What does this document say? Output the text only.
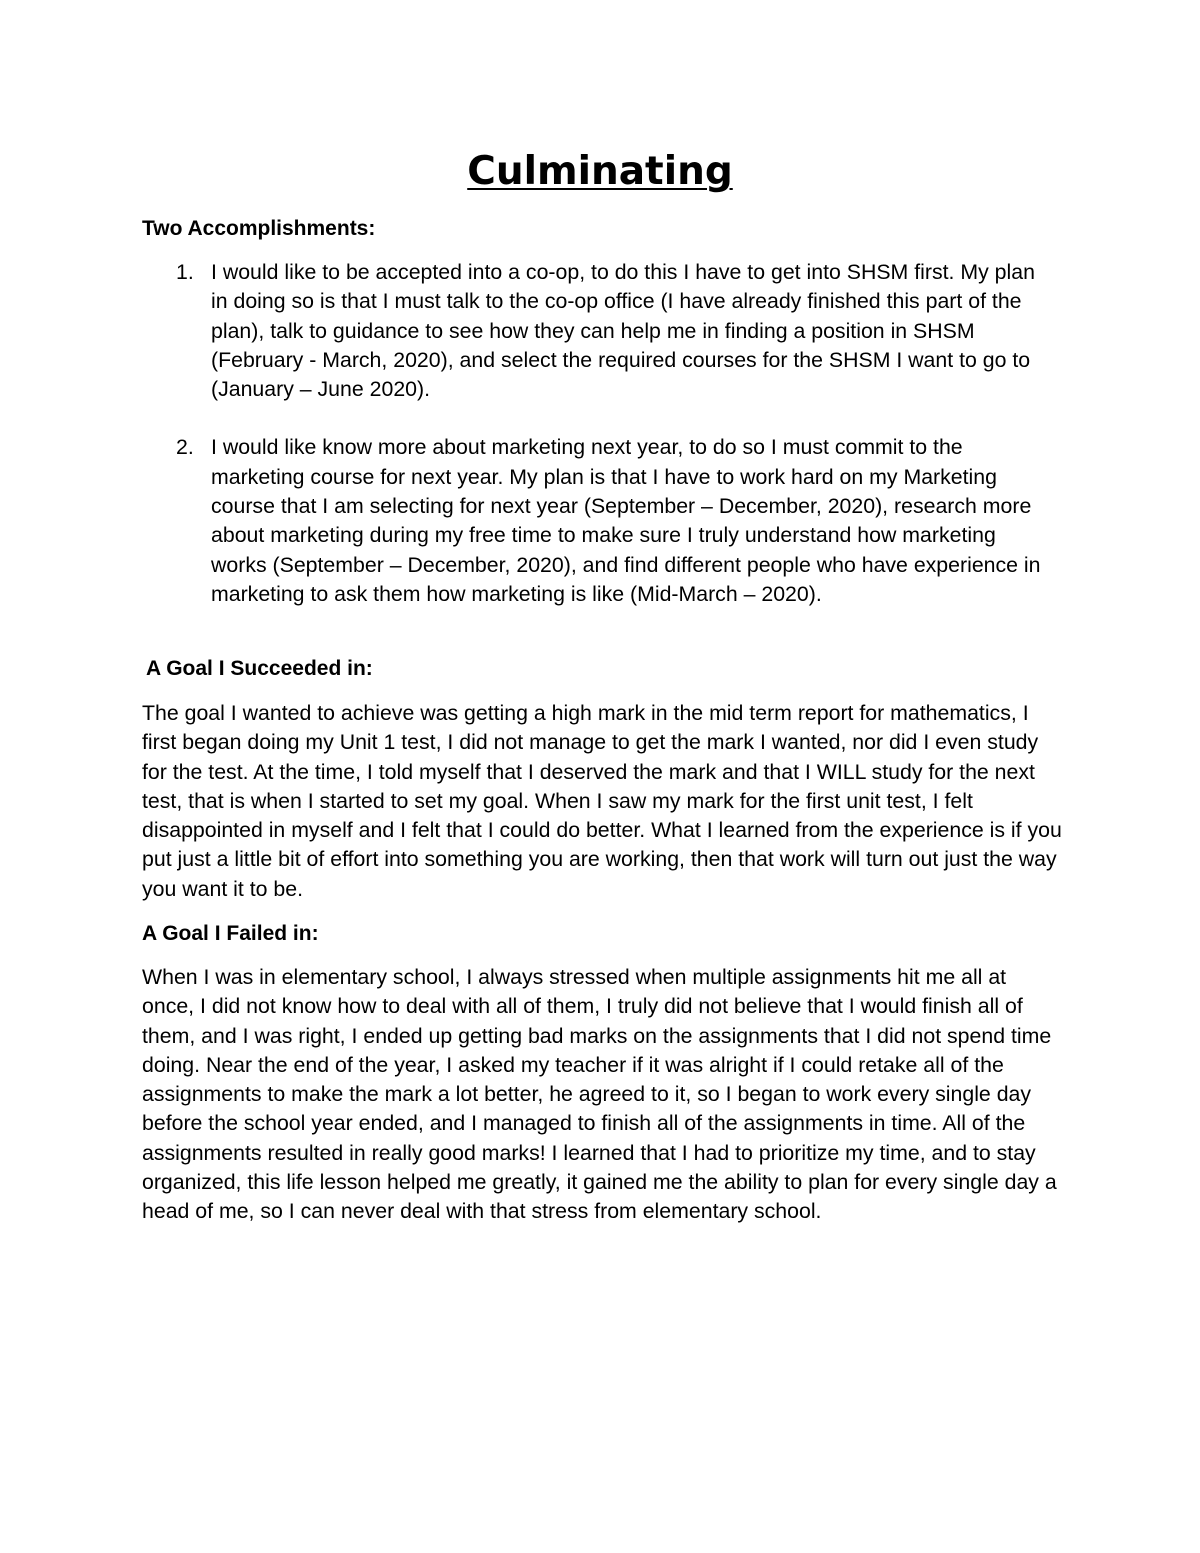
Culminating
Two Accomplishments:
1. I would like to be accepted into a co-op, to do this I have to get into SHSM first. My plan in doing so is that I must talk to the co-op office (I have already finished this part of the plan), talk to guidance to see how they can help me in finding a position in SHSM (February - March, 2020), and select the required courses for the SHSM I want to go to (January – June 2020).
2. I would like know more about marketing next year, to do so I must commit to the marketing course for next year. My plan is that I have to work hard on my Marketing course that I am selecting for next year (September – December, 2020), research more about marketing during my free time to make sure I truly understand how marketing works (September – December, 2020), and find different people who have experience in marketing to ask them how marketing is like (Mid-March – 2020).
A Goal I Succeeded in:

The goal I wanted to achieve was getting a high mark in the mid term report for mathematics, I first began doing my Unit 1 test, I did not manage to get the mark I wanted, nor did I even study for the test. At the time, I told myself that I deserved the mark and that I WILL study for the next test, that is when I started to set my goal. When I saw my mark for the first unit test, I felt disappointed in myself and I felt that I could do better. What I learned from the experience is if you put just a little bit of effort into something you are working, then that work will turn out just the way you want it to be.

A Goal I Failed in:

When I was in elementary school, I always stressed when multiple assignments hit me all at once, I did not know how to deal with all of them, I truly did not believe that I would finish all of them, and I was right, I ended up getting bad marks on the assignments that I did not spend time doing. Near the end of the year, I asked my teacher if it was alright if I could retake all of the assignments to make the mark a lot better, he agreed to it, so I began to work every single day before the school year ended, and I managed to finish all of the assignments in time. All of the assignments resulted in really good marks! I learned that I had to prioritize my time, and to stay organized, this life lesson helped me greatly, it gained me the ability to plan for every single day a head of me, so I can never deal with that stress from elementary school.
